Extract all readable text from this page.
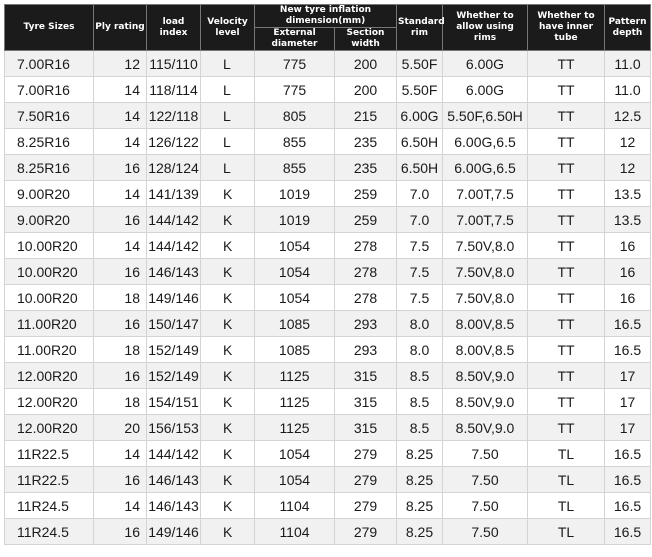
Tyre Sizes	Ply rating	load index	Velocity level	New tyre inflation dimension(mm)		Standard rim	Whether to allow using rims	Whether to have inner tube	Pattern depth
				External diameter	Section width				
7.00R16	12	115/110	L	775	200	5.50F	6.00G	TT	11.0
7.00R16	14	118/114	L	775	200	5.50F	6.00G	TT	11.0
7.50R16	14	122/118	L	805	215	6.00G	5.50F,6.50H	TT	12.5
8.25R16	14	126/122	L	855	235	6.50H	6.00G,6.5	TT	12
8.25R16	16	128/124	L	855	235	6.50H	6.00G,6.5	TT	12
9.00R20	14	141/139	K	1019	259	7.0	7.00T,7.5	TT	13.5
9.00R20	16	144/142	K	1019	259	7.0	7.00T,7.5	TT	13.5
10.00R20	14	144/142	K	1054	278	7.5	7.50V,8.0	TT	16
10.00R20	16	146/143	K	1054	278	7.5	7.50V,8.0	TT	16
10.00R20	18	149/146	K	1054	278	7.5	7.50V,8.0	TT	16
11.00R20	16	150/147	K	1085	293	8.0	8.00V,8.5	TT	16.5
11.00R20	18	152/149	K	1085	293	8.0	8.00V,8.5	TT	16.5
12.00R20	16	152/149	K	1125	315	8.5	8.50V,9.0	TT	17
12.00R20	18	154/151	K	1125	315	8.5	8.50V,9.0	TT	17
12.00R20	20	156/153	K	1125	315	8.5	8.50V,9.0	TT	17
11R22.5	14	144/142	K	1054	279	8.25	7.50	TL	16.5
11R22.5	16	146/143	K	1054	279	8.25	7.50	TL	16.5
11R24.5	14	146/143	K	1104	279	8.25	7.50	TL	16.5
11R24.5	16	149/146	K	1104	279	8.25	7.50	TL	16.5
